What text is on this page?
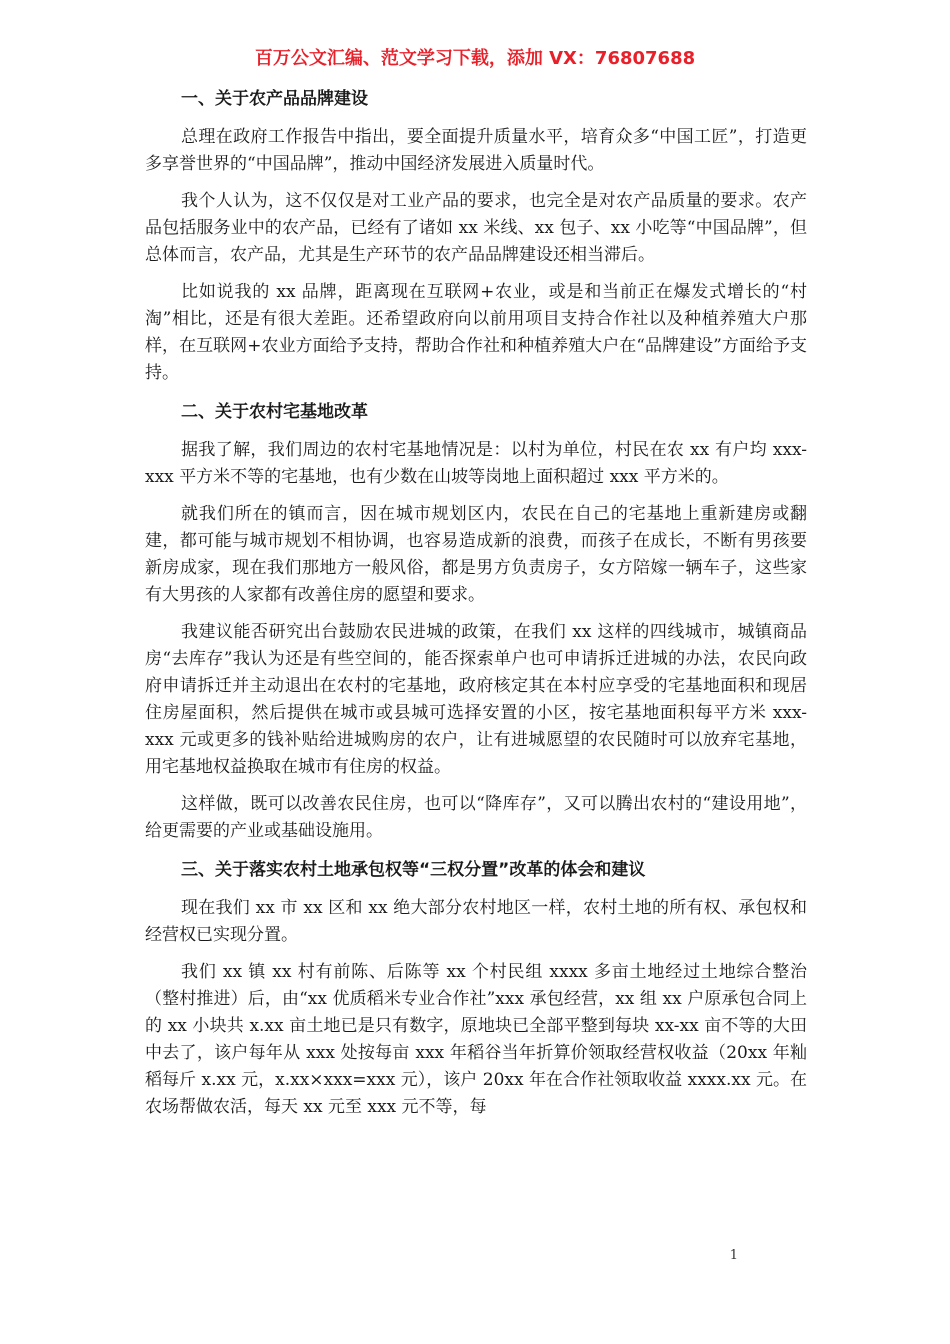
百万公文汇编、范文学习下载，添加 VX：76807688
一、关于农产品品牌建设

总理在政府工作报告中指出，要全面提升质量水平，培育众多“中国工匠”，打造更多享誉世界的“中国品牌”，推动中国经济发展进入质量时代。

我个人认为，这不仅仅是对工业产品的要求，也完全是对农产品质量的要求。农产品包括服务业中的农产品，已经有了诸如 xx 米线、xx 包子、xx 小吃等“中国品牌”，但总体而言，农产品，尤其是生产环节的农产品品牌建设还相当滞后。

比如说我的 xx 品牌，距离现在互联网+农业，或是和当前正在爆发式增长的“村淘”相比，还是有很大差距。还希望政府向以前用项目支持合作社以及种植养殖大户那样，在互联网+农业方面给予支持，帮助合作社和种植养殖大户在“品牌建设”方面给予支持。

二、关于农村宅基地改革

据我了解，我们周边的农村宅基地情况是：以村为单位，村民在农 xx 有户均 xxx-xxx 平方米不等的宅基地，也有少数在山坡等岗地上面积超过 xxx 平方米的。

就我们所在的镇而言，因在城市规划区内，农民在自己的宅基地上重新建房或翻建，都可能与城市规划不相协调，也容易造成新的浪费，而孩子在成长，不断有男孩要新房成家，现在我们那地方一般风俗，都是男方负责房子，女方陪嫁一辆车子，这些家有大男孩的人家都有改善住房的愿望和要求。

我建议能否研究出台鼓励农民进城的政策，在我们 xx 这样的四线城市，城镇商品房“去库存”我认为还是有些空间的，能否探索单户也可申请拆迁进城的办法，农民向政府申请拆迁并主动退出在农村的宅基地，政府核定其在本村应享受的宅基地面积和现居住房屋面积，然后提供在城市或县城可选择安置的小区，按宅基地面积每平方米 xxx-xxx 元或更多的钱补贴给进城购房的农户，让有进城愿望的农民随时可以放弃宅基地，用宅基地权益换取在城市有住房的权益。

这样做，既可以改善农民住房，也可以“降库存”，又可以腾出农村的“建设用地”，给更需要的产业或基础设施用。

三、关于落实农村土地承包权等“三权分置”改革的体会和建议

现在我们 xx 市 xx 区和 xx 绝大部分农村地区一样，农村土地的所有权、承包权和经营权已实现分置。

我们 xx 镇 xx 村有前陈、后陈等 xx 个村民组 xxxx 多亩土地经过土地综合整治（整村推进）后，由“xx 优质稻米专业合作社”xxx 承包经营，xx 组 xx 户原承包合同上的 xx 小块共 x.xx 亩土地已是只有数字，原地块已全部平整到每块 xx-xx 亩不等的大田中去了，该户每年从 xxx 处按每亩 xxx 年稻谷当年折算价领取经营权收益（20xx 年籼稻每斤 x.xx 元，x.xx×xxx=xxx 元），该户 20xx 年在合作社领取收益 xxxx.xx 元。在农场帮做农活，每天 xx 元至 xxx 元不等，每

1
